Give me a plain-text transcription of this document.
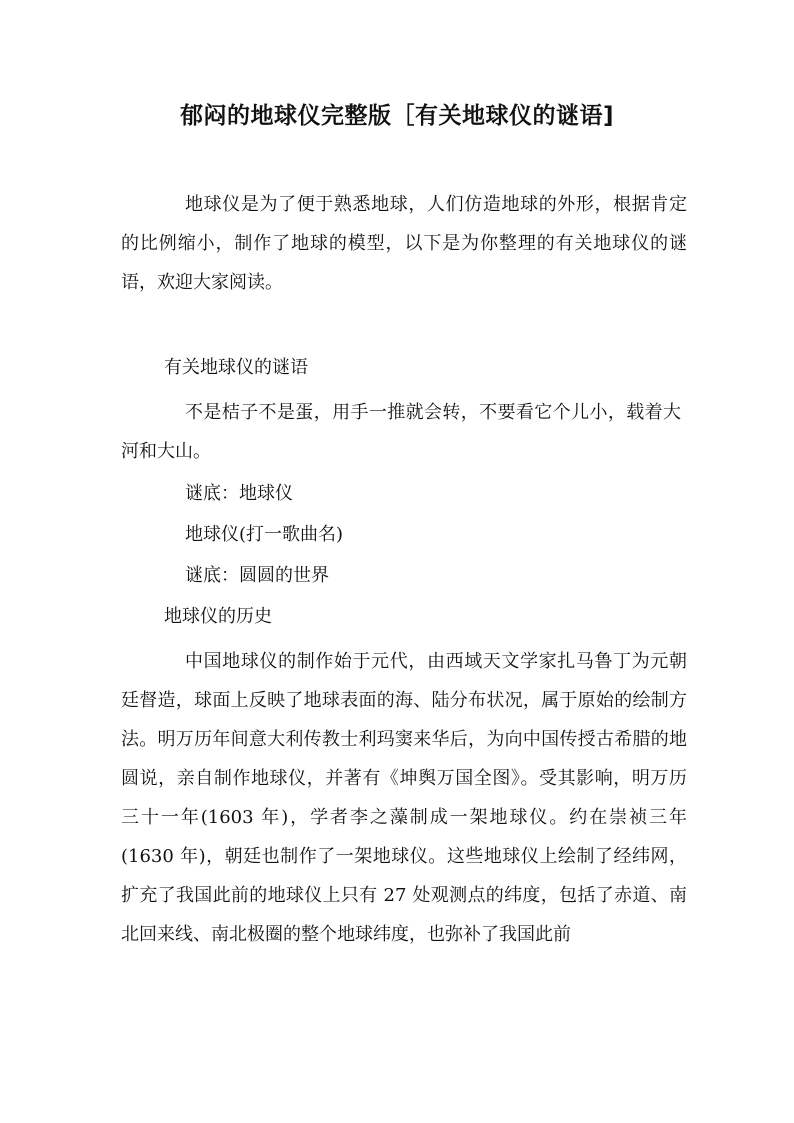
郁闷的地球仪完整版［有关地球仪的谜语]

地球仪是为了便于熟悉地球，人们仿造地球的外形，根据肯定的比例缩小，制作了地球的模型，以下是为你整理的有关地球仪的谜语，欢迎大家阅读。

有关地球仪的谜语

不是桔子不是蛋，用手一推就会转，不要看它个儿小，载着大河和大山。

谜底：地球仪

地球仪(打一歌曲名)

谜底：圆圆的世界

地球仪的历史

中国地球仪的制作始于元代，由西域天文学家扎马鲁丁为元朝廷督造，球面上反映了地球表面的海、陆分布状况，属于原始的绘制方法。明万历年间意大利传教士利玛窦来华后，为向中国传授古希腊的地圆说，亲自制作地球仪，并著有《坤舆万国全图》。受其影响，明万历三十一年(1603 年)，学者李之藻制成一架地球仪。约在崇祯三年(1630 年)，朝廷也制作了一架地球仪。这些地球仪上绘制了经纬网，扩充了我国此前的地球仪上只有 27 处观测点的纬度，包括了赤道、南北回来线、南北极圈的整个地球纬度，也弥补了我国此前
